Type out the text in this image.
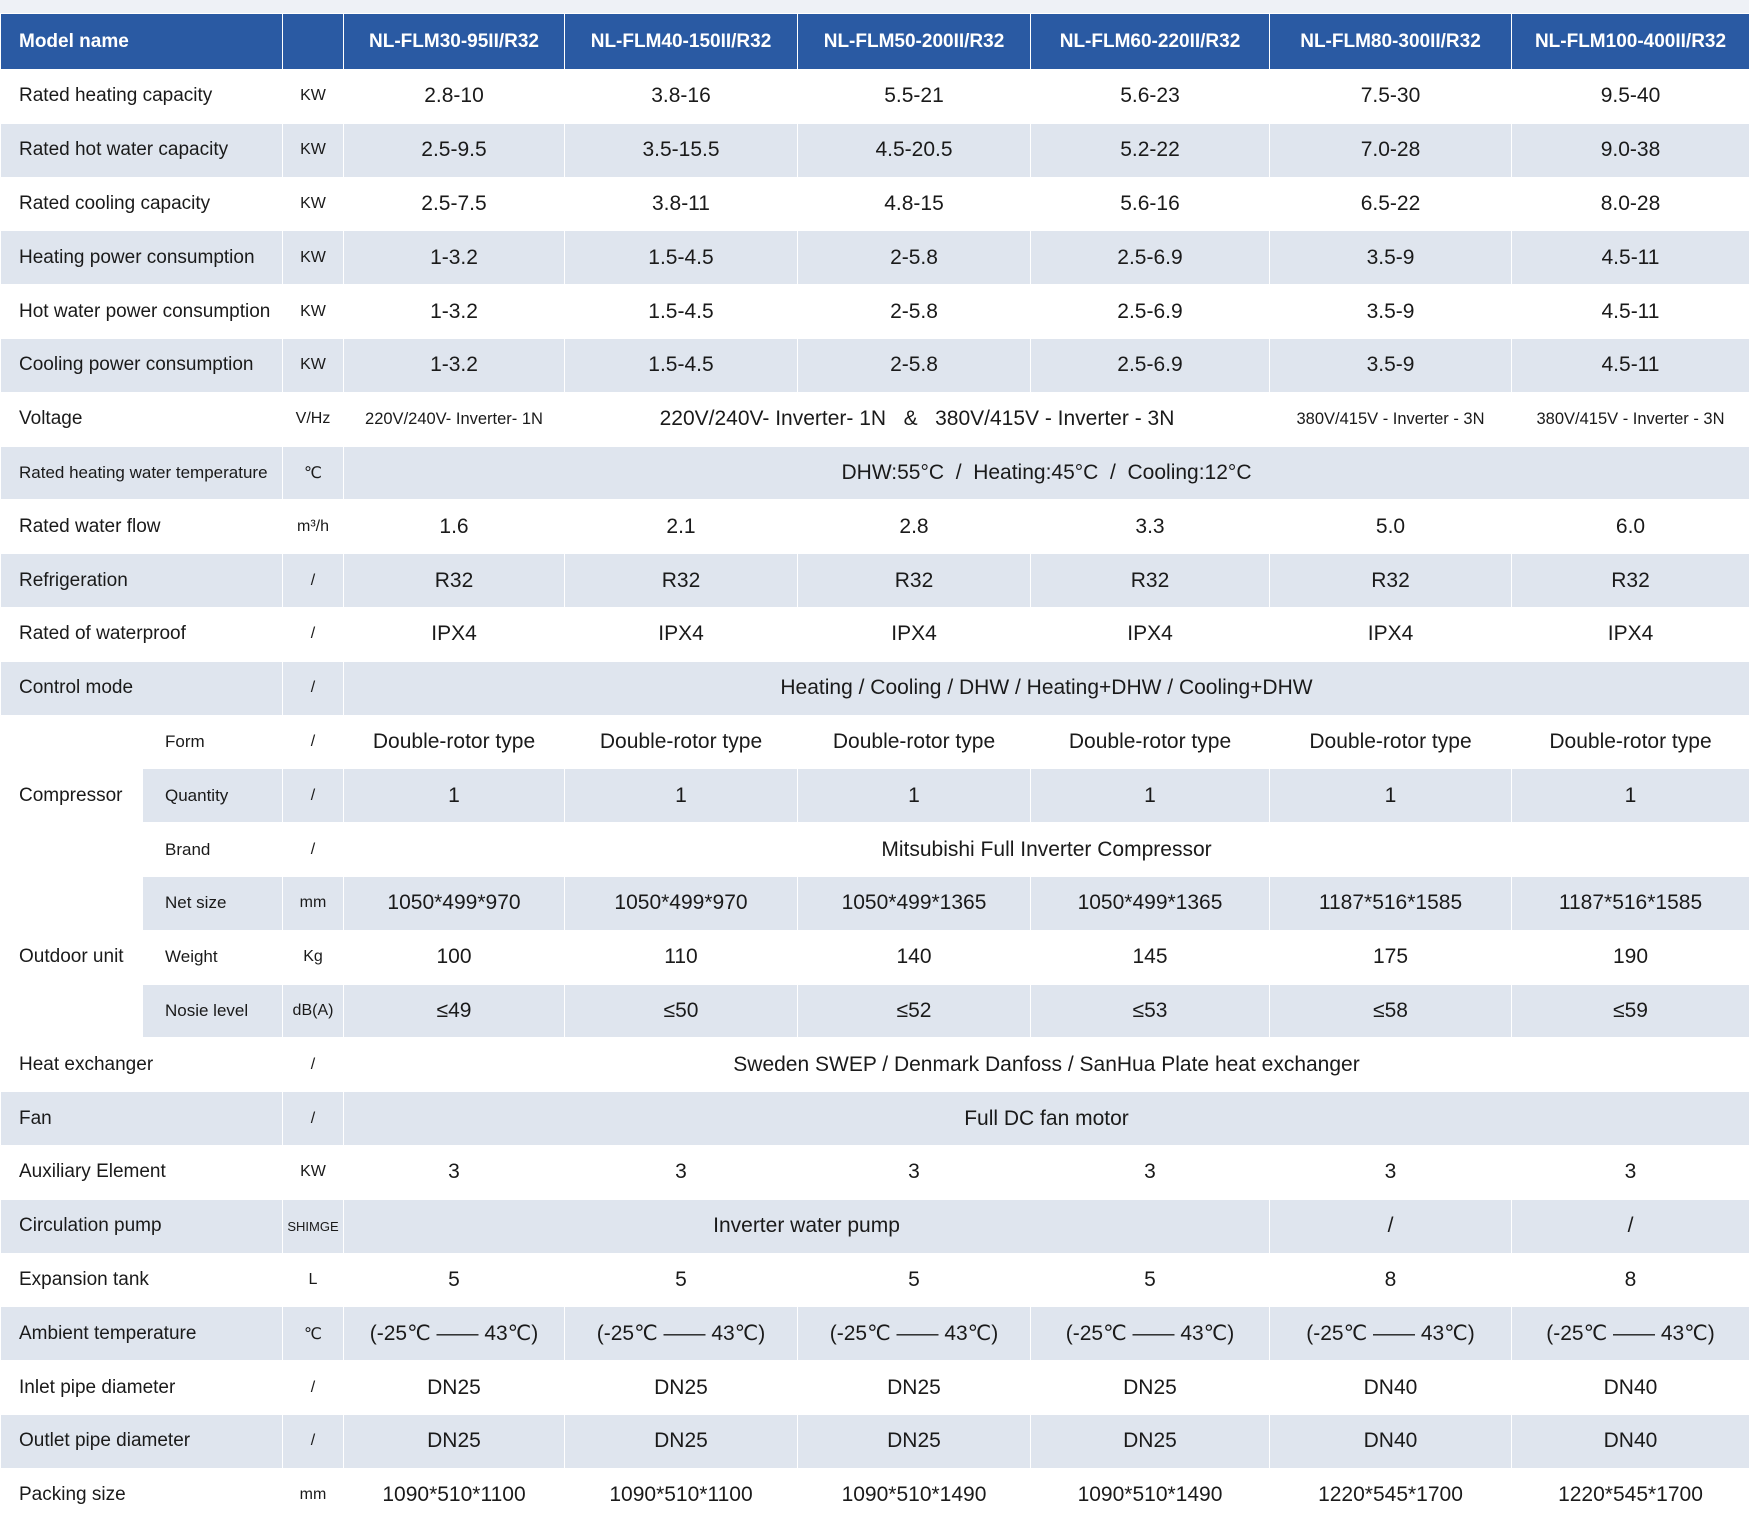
Model name			NL-FLM30-95II/R32	NL-FLM40-150II/R32	NL-FLM50-200II/R32	NL-FLM60-220II/R32	NL-FLM80-300II/R32	NL-FLM100-400II/R32
Rated heating capacity		KW	2.8-10	3.8-16	5.5-21	5.6-23	7.5-30	9.5-40
Rated hot water capacity		KW	2.5-9.5	3.5-15.5	4.5-20.5	5.2-22	7.0-28	9.0-38
Rated cooling capacity		KW	2.5-7.5	3.8-11	4.8-15	5.6-16	6.5-22	8.0-28
Heating power consumption		KW	1-3.2	1.5-4.5	2-5.8	2.5-6.9	3.5-9	4.5-11
Hot water power consumption		KW	1-3.2	1.5-4.5	2-5.8	2.5-6.9	3.5-9	4.5-11
Cooling power consumption		KW	1-3.2	1.5-4.5	2-5.8	2.5-6.9	3.5-9	4.5-11
Voltage		V/Hz	220V/240V- Inverter- 1N	220V/240V- Inverter- 1N   &   380V/415V - Inverter - 3N			380V/415V - Inverter - 3N	380V/415V - Inverter - 3N
Rated heating water temperature		℃	DHW:55°C  /  Heating:45°C  /  Cooling:12°C					
Rated water flow		m³/h	1.6	2.1	2.8	3.3	5.0	6.0
Refrigeration		/	R32	R32	R32	R32	R32	R32
Rated of waterproof		/	IPX4	IPX4	IPX4	IPX4	IPX4	IPX4
Control mode		/	Heating / Cooling / DHW / Heating+DHW / Cooling+DHW					
Compressor	Form	/	Double-rotor type	Double-rotor type	Double-rotor type	Double-rotor type	Double-rotor type	Double-rotor type
	Quantity	/	1	1	1	1	1	1
	Brand	/	Mitsubishi Full Inverter Compressor					
Outdoor unit	Net size	mm	1050*499*970	1050*499*970	1050*499*1365	1050*499*1365	1187*516*1585	1187*516*1585
	Weight	Kg	100	110	140	145	175	190
	Nosie level	dB(A)	≤49	≤50	≤52	≤53	≤58	≤59
Heat exchanger		/	Sweden SWEP / Denmark Danfoss / SanHua Plate heat exchanger					
Fan		/	Full DC fan motor					
Auxiliary Element		KW	3	3	3	3	3	3
Circulation pump		SHIMGE	Inverter water pump				/	/
Expansion tank		L	5	5	5	5	8	8
Ambient temperature		℃	(-25℃ —— 43℃)	(-25℃ —— 43℃)	(-25℃ —— 43℃)	(-25℃ —— 43℃)	(-25℃ —— 43℃)	(-25℃ —— 43℃)
Inlet pipe diameter		/	DN25	DN25	DN25	DN25	DN40	DN40
Outlet pipe diameter		/	DN25	DN25	DN25	DN25	DN40	DN40
Packing size		mm	1090*510*1100	1090*510*1100	1090*510*1490	1090*510*1490	1220*545*1700	1220*545*1700
